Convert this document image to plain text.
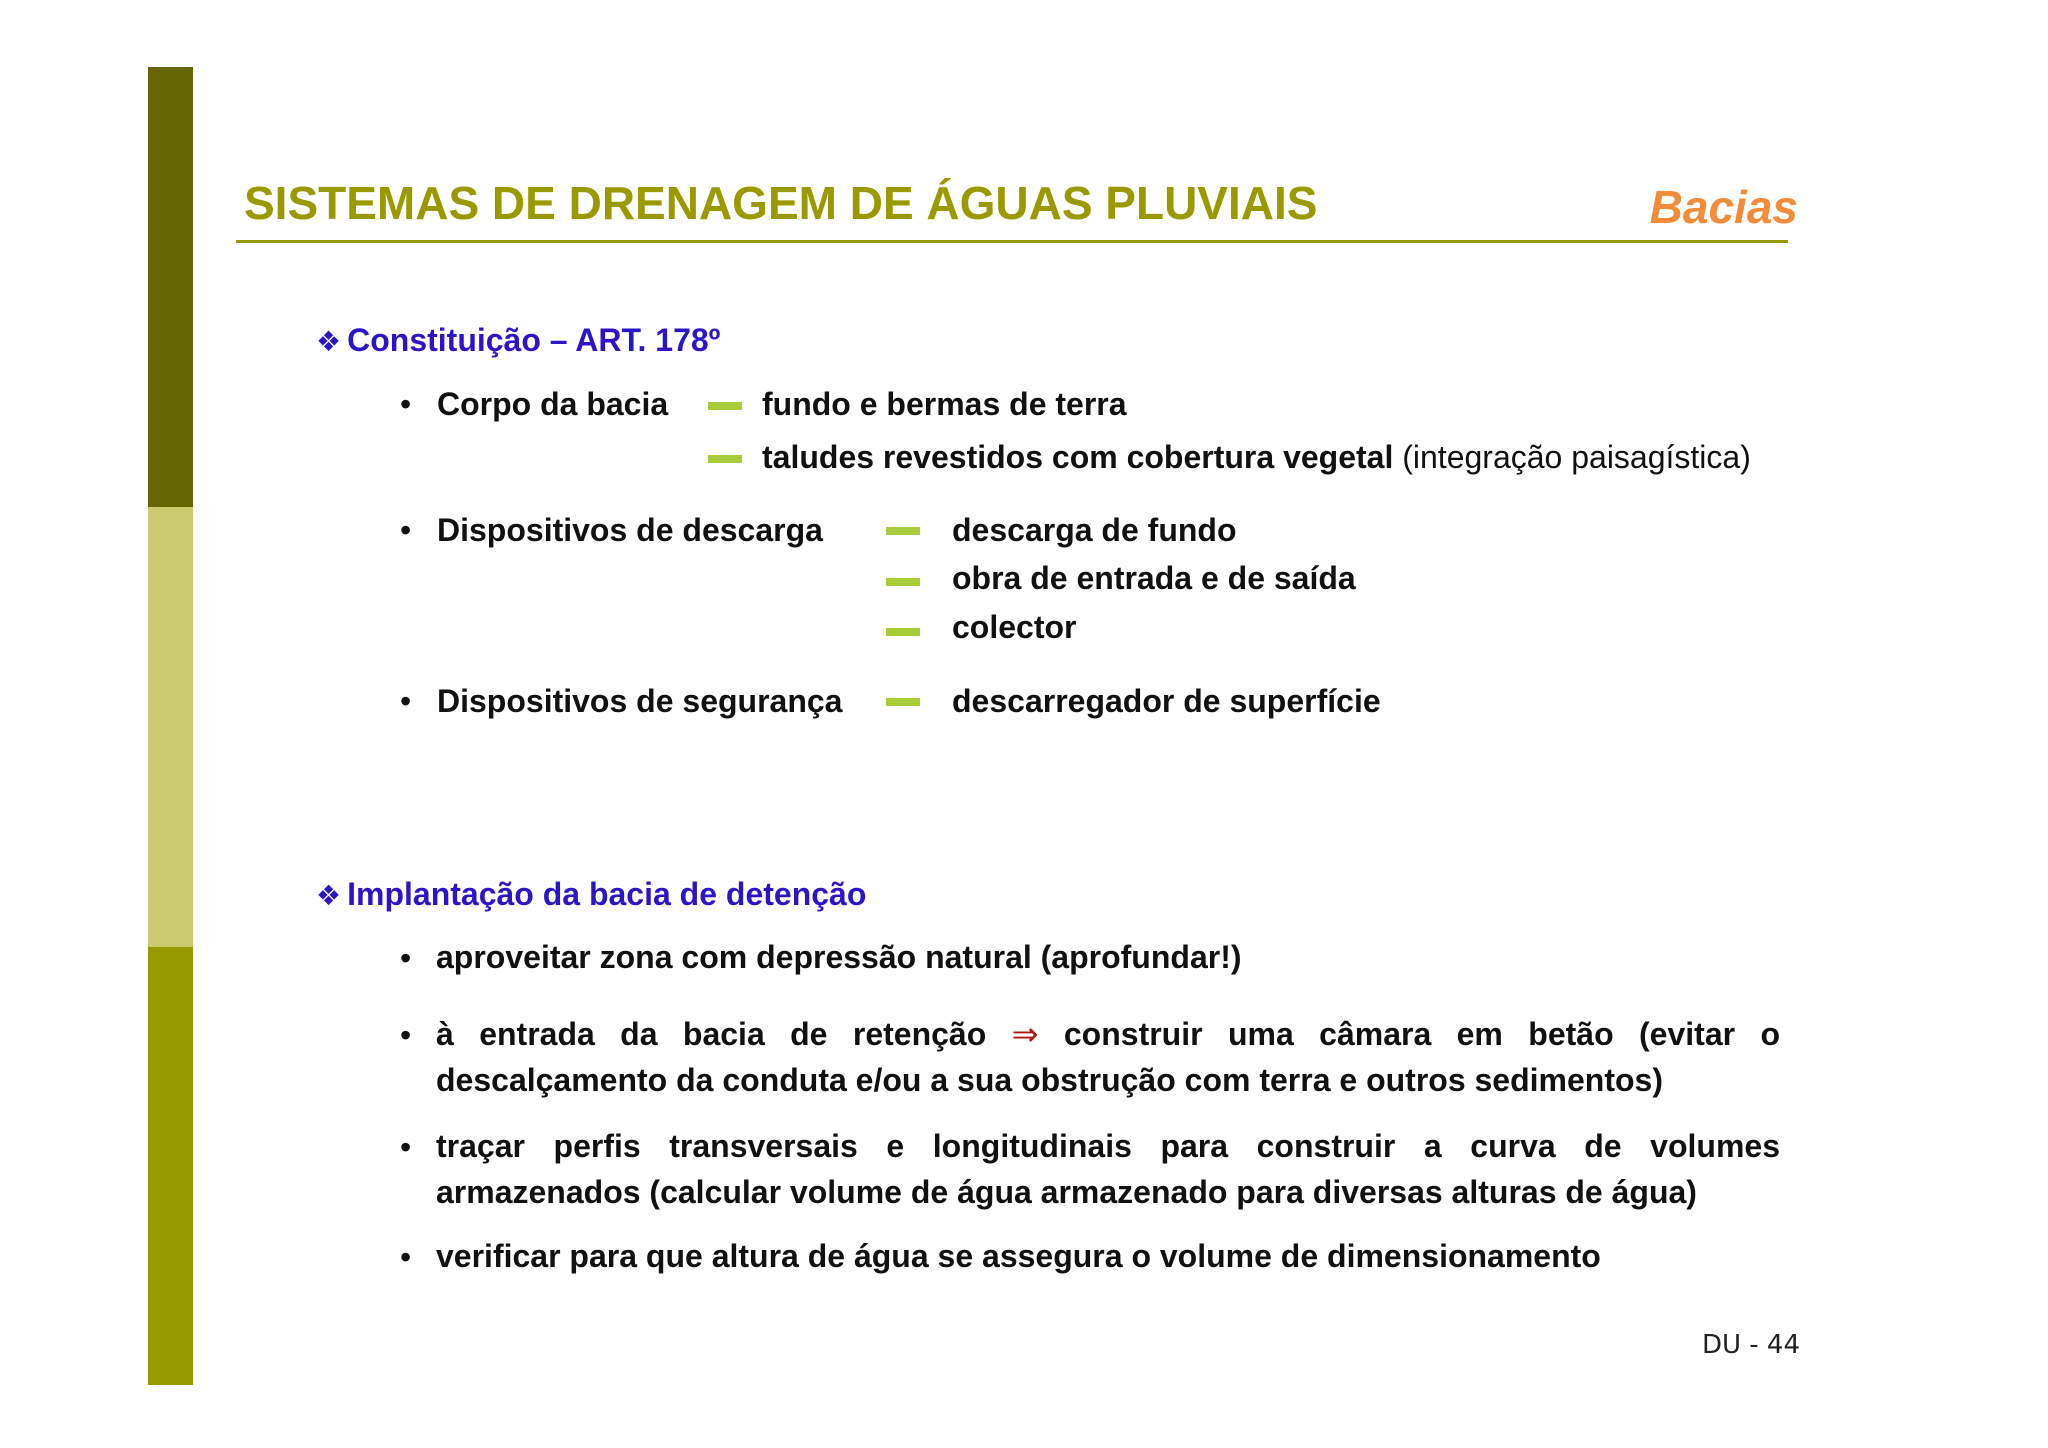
SISTEMAS DE DRENAGEM DE ÁGUAS PLUVIAIS	Bacias
❖ Constituição – ART. 178º
• Corpo da bacia	fundo e bermas de terra
taludes revestidos com cobertura vegetal (integração paisagística)
• Dispositivos de descarga	descarga de fundo
obra de entrada e de saída
colector
• Dispositivos de segurança	descarregador de superfície
❖ Implantação da bacia de detenção
• aproveitar zona com depressão natural (aprofundar!)
• à entrada da bacia de retenção ⇒ construir uma câmara em betão (evitar o descalçamento da conduta e/ou a sua obstrução com terra e outros sedimentos)
• traçar perfis transversais e longitudinais para construir a curva de volumes armazenados (calcular volume de água armazenado para diversas alturas de água)
• verificar para que altura de água se assegura o volume de dimensionamento
DU - 44
